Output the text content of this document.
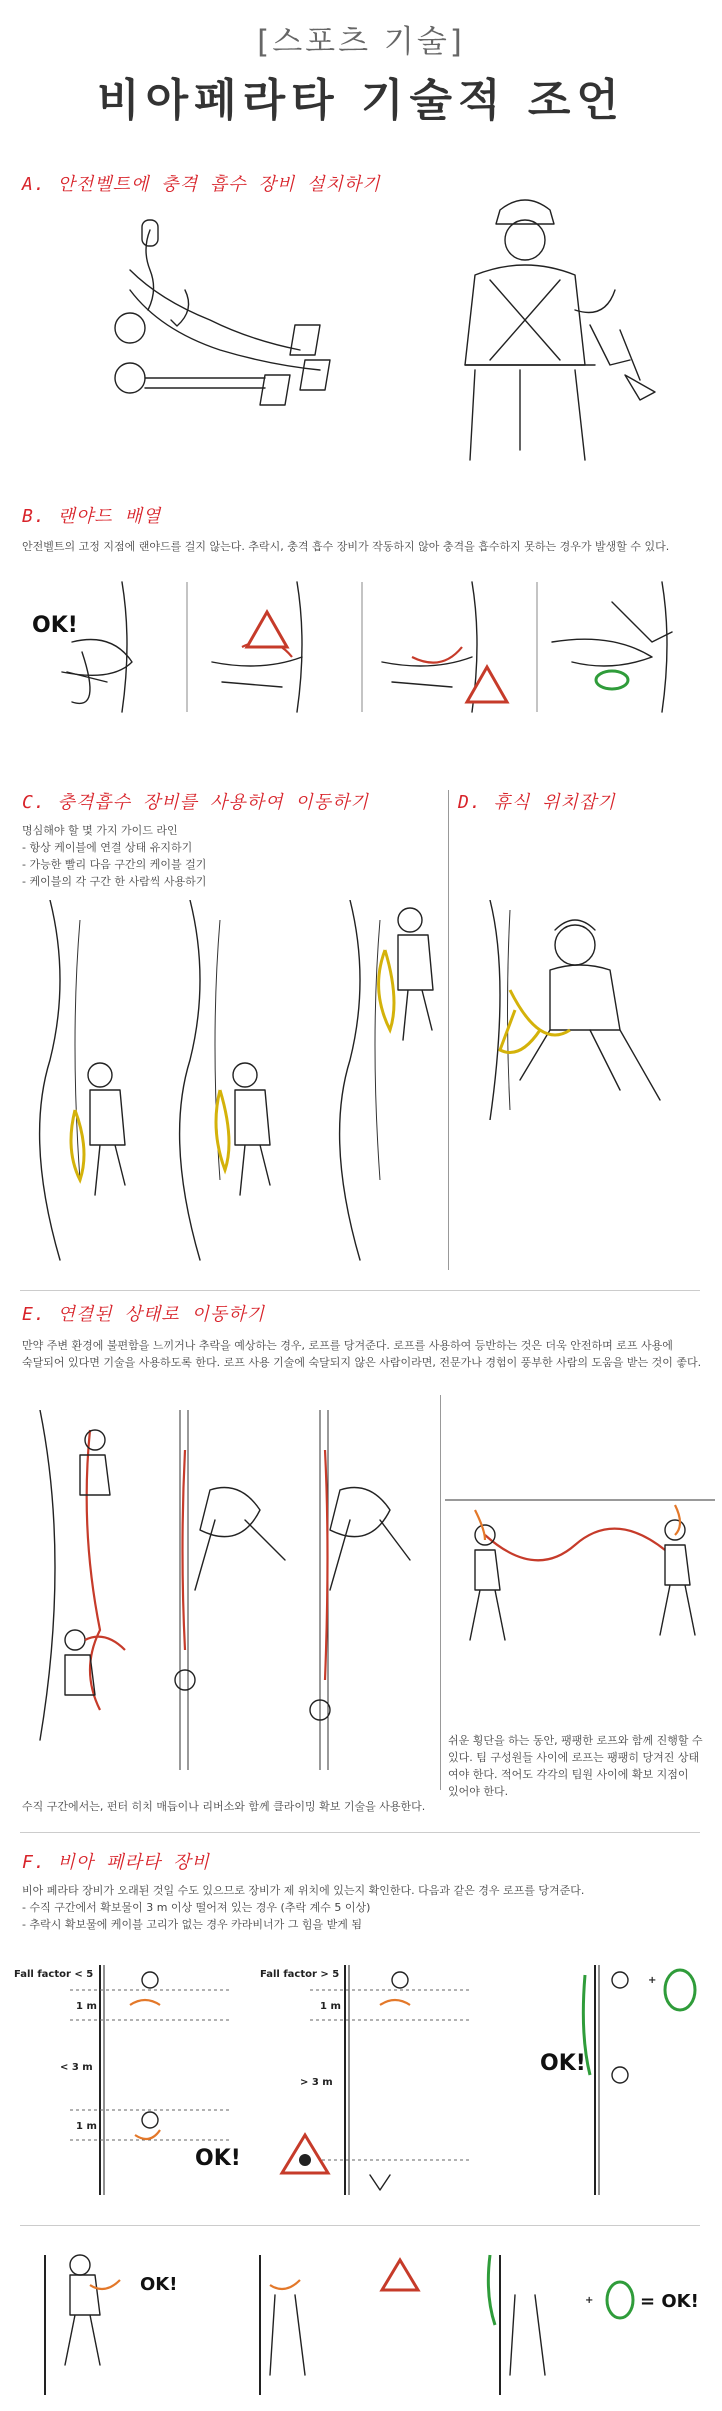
[스포츠 기술]
비아페라타 기술적 조언
A. 안전벨트에 충격 흡수 장비 설치하기
B. 랜야드 배열
안전벨트의 고정 지점에 랜야드를 걸지 않는다. 추락시, 충격 흡수 장비가 작동하지 않아 충격을 흡수하지 못하는 경우가 발생할 수 있다.
OK!
C. 충격흡수 장비를 사용하여 이동하기
명심해야 할 몇 가지 가이드 라인
- 항상 케이블에 연결 상태 유지하기
- 가능한 빨리 다음 구간의 케이블 걸기
- 케이블의 각 구간 한 사람씩 사용하기
D. 휴식 위치잡기
E. 연결된 상태로 이동하기
만약 주변 환경에 불편함을 느끼거나 추락을 예상하는 경우, 로프를 당겨준다. 로프를 사용하여 등반하는 것은 더욱 안전하며 로프 사용에
숙달되어 있다면 기술을 사용하도록 한다. 로프 사용 기술에 숙달되지 않은 사람이라면, 전문가나 경험이 풍부한 사람의 도움을 받는 것이 좋다.
수직 구간에서는, 펀터 히치 매듭이나 리버소와 함께 클라이밍 확보 기술을 사용한다.
쉬운 횡단을 하는 동안, 팽팽한 로프와 함께 진행할 수
있다. 팀 구성원들 사이에 로프는 팽팽히 당겨진 상태
여야 한다. 적어도 각각의 팀원 사이에 확보 지점이
있어야 한다.
F. 비아 페라타 장비
비아 페라타 장비가 오래된 것일 수도 있으므로 장비가 제 위치에 있는지 확인한다. 다음과 같은 경우 로프를 당겨준다.
- 수직 구간에서 확보물이 3 m 이상 떨어져 있는 경우 (추락 계수 5 이상)
- 추락시 확보물에 케이블 고리가 없는 경우 카라비너가 그 힘을 받게 됨
Fall factor < 5
1 m
1 m
< 3 m
OK!
Fall factor > 5
1 m
> 3 m
OK!
+
OK!
+	= OK!
